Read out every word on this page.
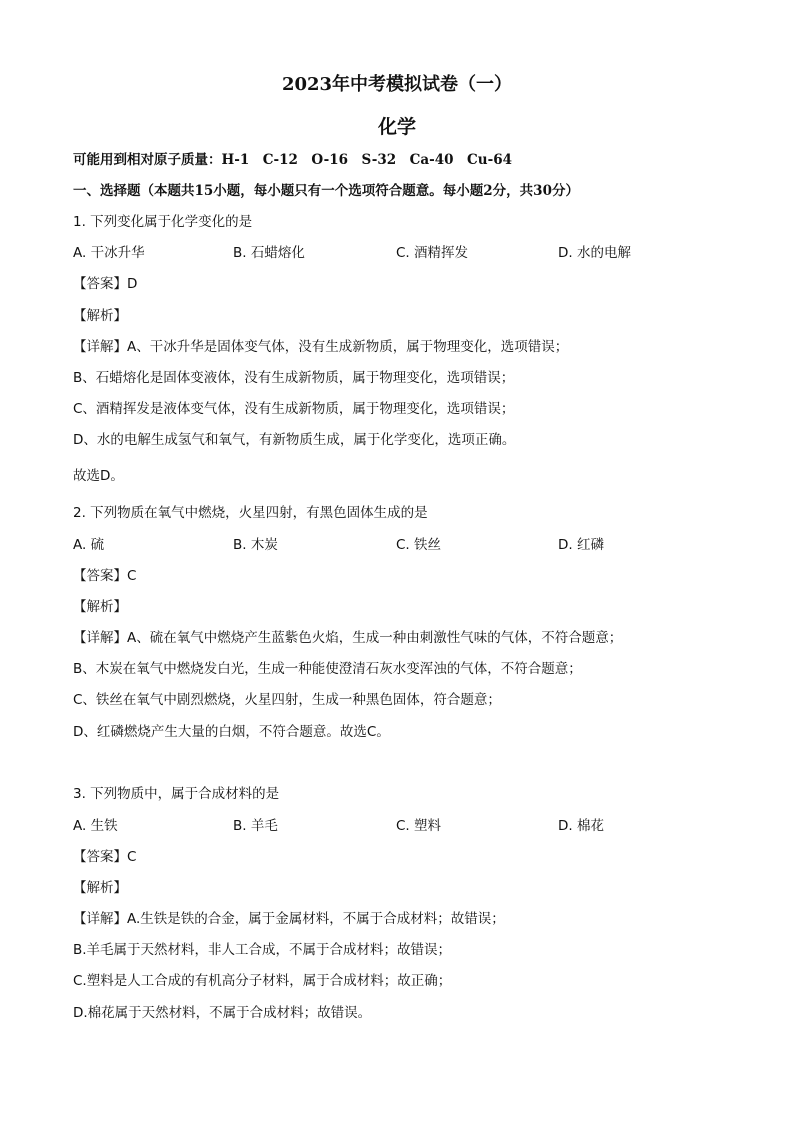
2023年中考模拟试卷（一）
化学
可能用到相对原子质量：H-1　C-12　O-16　S-32　Ca-40　Cu-64
一、选择题（本题共15小题，每小题只有一个选项符合题意。每小题2分，共30分）
1. 下列变化属于化学变化的是
A. 干冰升华	B. 石蜡熔化	C. 酒精挥发	D. 水的电解
【答案】D
【解析】
【详解】A、干冰升华是固体变气体，没有生成新物质，属于物理变化，选项错误；
B、石蜡熔化是固体变液体，没有生成新物质，属于物理变化，选项错误；
C、酒精挥发是液体变气体，没有生成新物质，属于物理变化，选项错误；
D、水的电解生成氢气和氧气，有新物质生成，属于化学变化，选项正确。
故选D。
2. 下列物质在氧气中燃烧，火星四射，有黑色固体生成的是
A. 硫	B. 木炭	C. 铁丝	D. 红磷
【答案】C
【解析】
【详解】A、硫在氧气中燃烧产生蓝紫色火焰，生成一种由刺激性气味的气体，不符合题意；
B、木炭在氧气中燃烧发白光，生成一种能使澄清石灰水变浑浊的气体，不符合题意；
C、铁丝在氧气中剧烈燃烧，火星四射，生成一种黑色固体，符合题意；
D、红磷燃烧产生大量的白烟，不符合题意。故选C。
3. 下列物质中，属于合成材料的是
A. 生铁	B. 羊毛	C. 塑料	D. 棉花
【答案】C
【解析】
【详解】A.生铁是铁的合金，属于金属材料，不属于合成材料；故错误；
B.羊毛属于天然材料，非人工合成，不属于合成材料；故错误；
C.塑料是人工合成的有机高分子材料，属于合成材料；故正确；
D.棉花属于天然材料，不属于合成材料；故错误。
